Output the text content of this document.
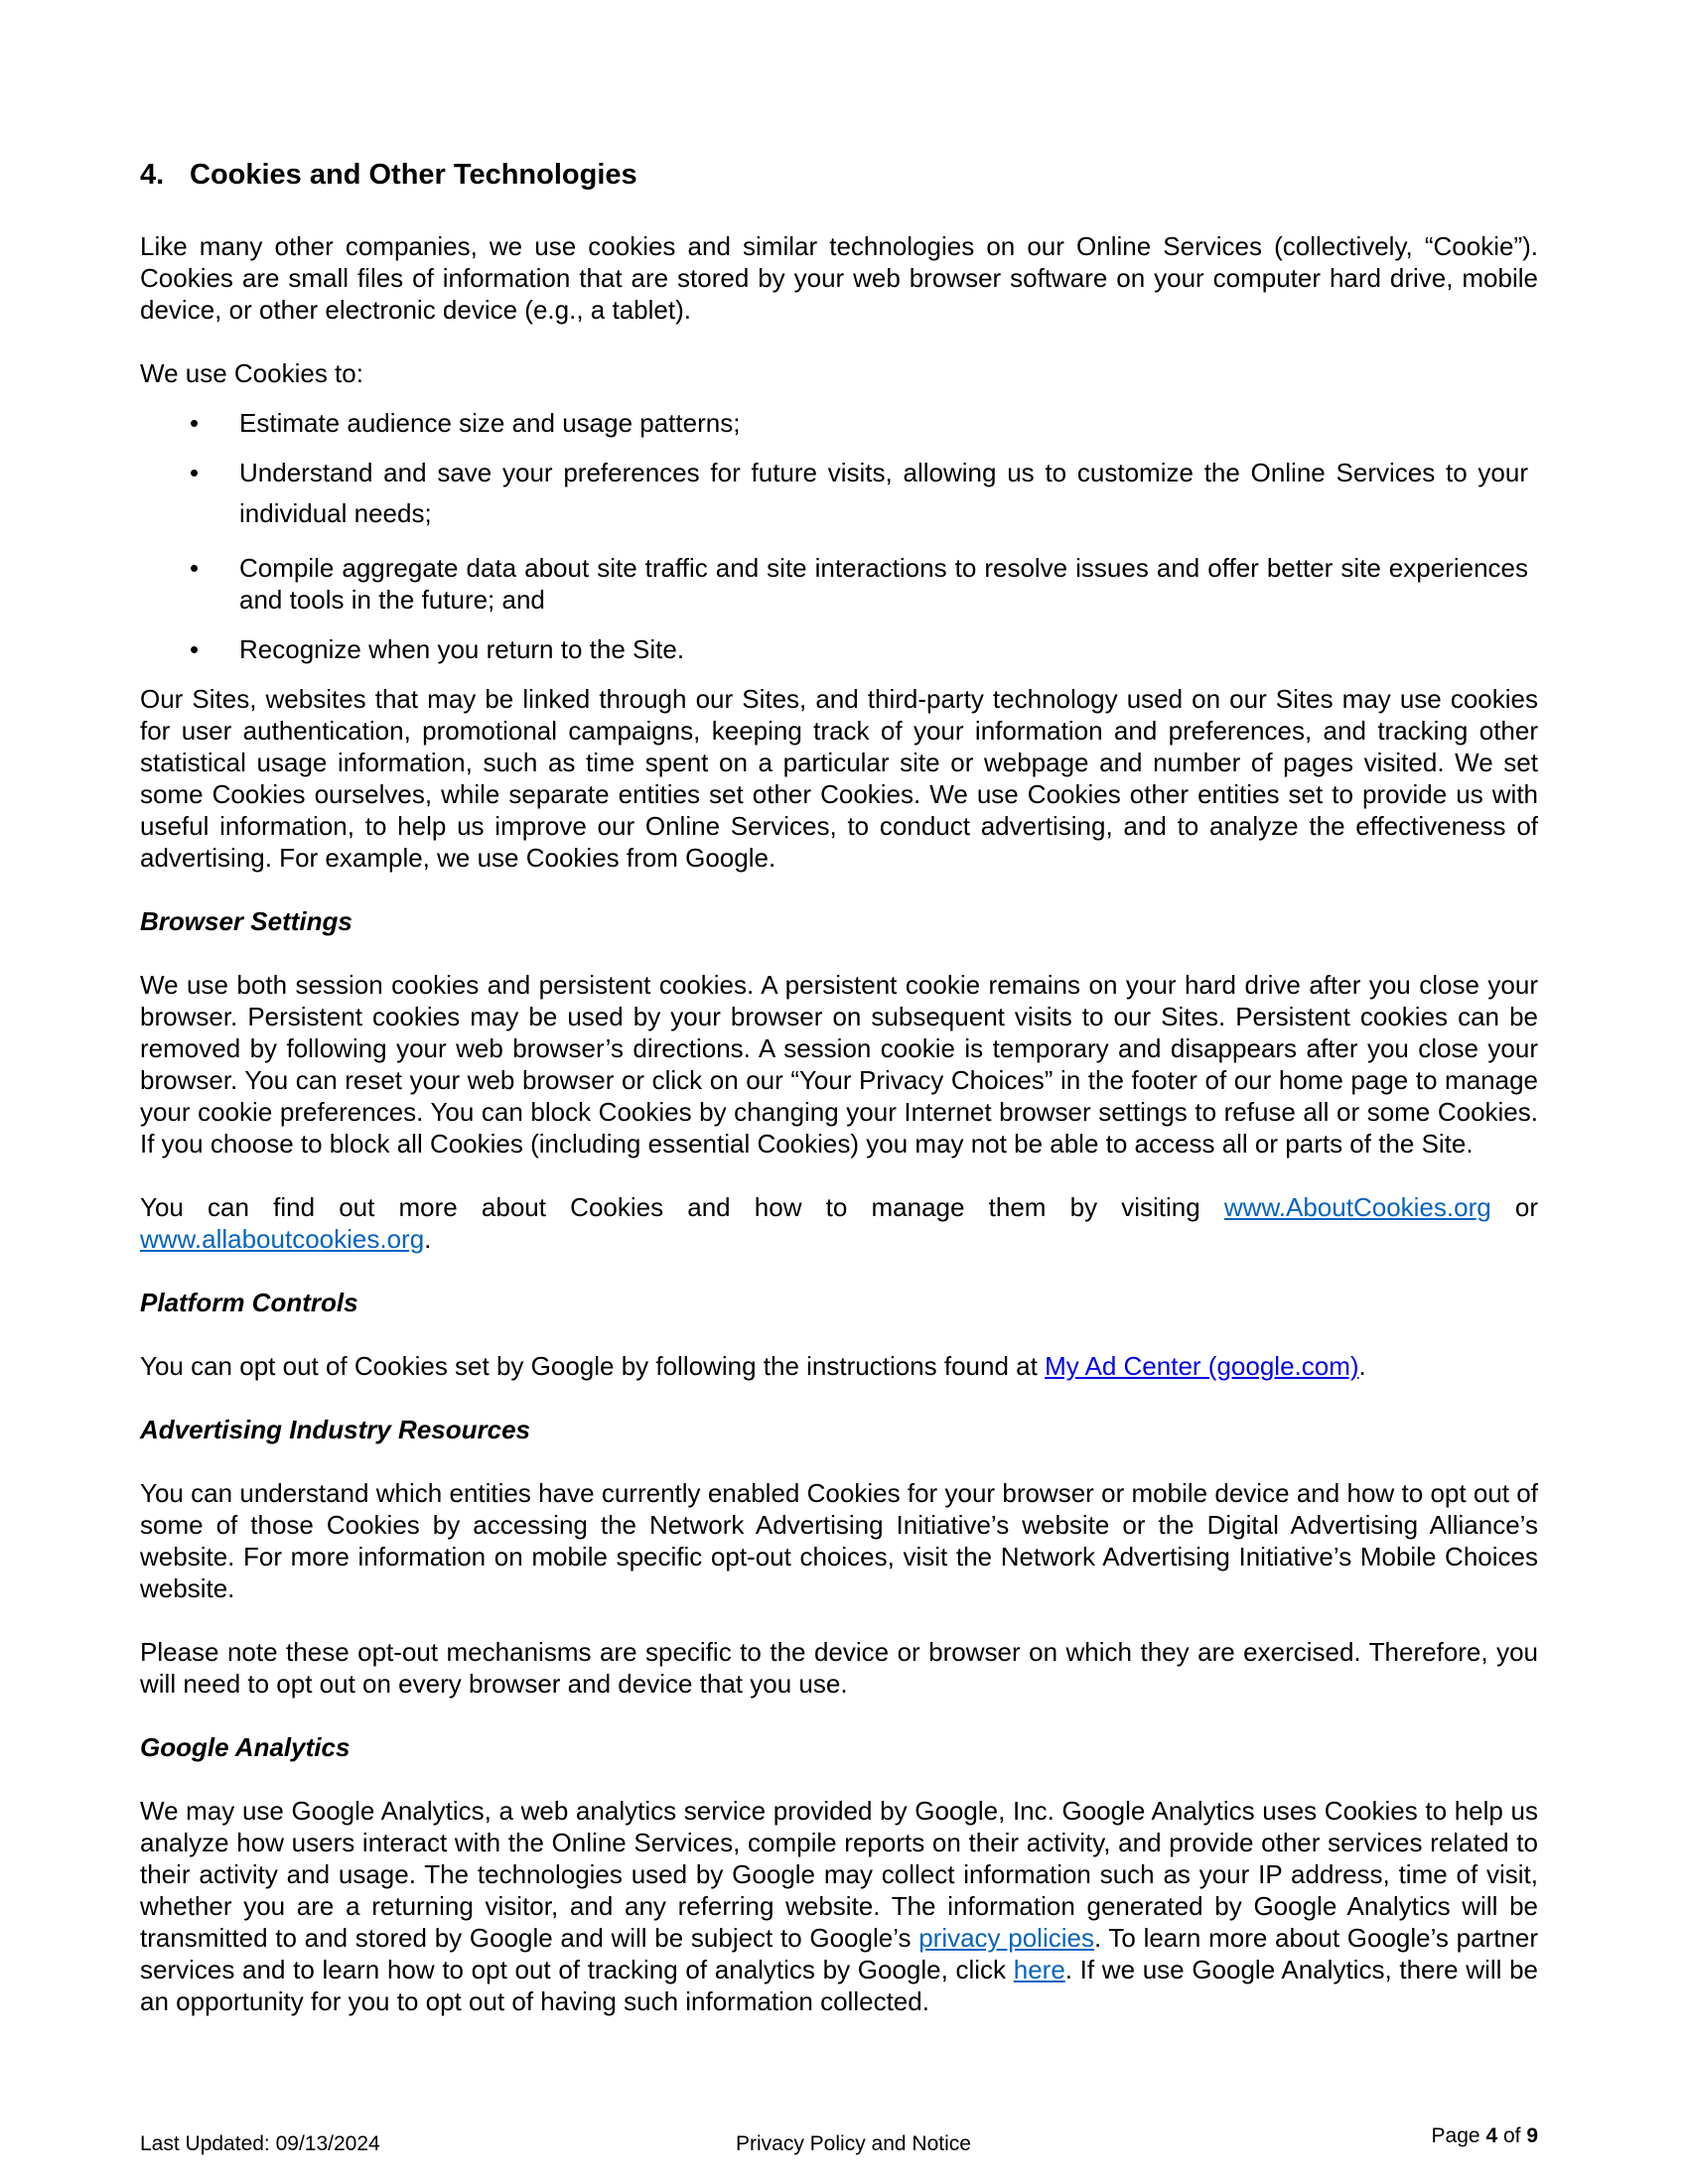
4. Cookies and Other Technologies

Like many other companies, we use cookies and similar technologies on our Online Services (collectively, “Cookie”). Cookies are small files of information that are stored by your web browser software on your computer hard drive, mobile device, or other electronic device (e.g., a tablet).

We use Cookies to:

• Estimate audience size and usage patterns;
• Understand and save your preferences for future visits, allowing us to customize the Online Services to your individual needs;
• Compile aggregate data about site traffic and site interactions to resolve issues and offer better site experiences and tools in the future; and
• Recognize when you return to the Site.

Our Sites, websites that may be linked through our Sites, and third-party technology used on our Sites may use cookies for user authentication, promotional campaigns, keeping track of your information and preferences, and tracking other statistical usage information, such as time spent on a particular site or webpage and number of pages visited. We set some Cookies ourselves, while separate entities set other Cookies. We use Cookies other entities set to provide us with useful information, to help us improve our Online Services, to conduct advertising, and to analyze the effectiveness of advertising. For example, we use Cookies from Google.

Browser Settings

We use both session cookies and persistent cookies. A persistent cookie remains on your hard drive after you close your browser. Persistent cookies may be used by your browser on subsequent visits to our Sites. Persistent cookies can be removed by following your web browser’s directions. A session cookie is temporary and disappears after you close your browser. You can reset your web browser or click on our “Your Privacy Choices” in the footer of our home page to manage your cookie preferences. You can block Cookies by changing your Internet browser settings to refuse all or some Cookies. If you choose to block all Cookies (including essential Cookies) you may not be able to access all or parts of the Site.

You can find out more about Cookies and how to manage them by visiting www.AboutCookies.org or www.allaboutcookies.org.

Platform Controls

You can opt out of Cookies set by Google by following the instructions found at My Ad Center (google.com).

Advertising Industry Resources

You can understand which entities have currently enabled Cookies for your browser or mobile device and how to opt out of some of those Cookies by accessing the Network Advertising Initiative’s website or the Digital Advertising Alliance’s website. For more information on mobile specific opt-out choices, visit the Network Advertising Initiative’s Mobile Choices website.

Please note these opt-out mechanisms are specific to the device or browser on which they are exercised. Therefore, you will need to opt out on every browser and device that you use.

Google Analytics

We may use Google Analytics, a web analytics service provided by Google, Inc. Google Analytics uses Cookies to help us analyze how users interact with the Online Services, compile reports on their activity, and provide other services related to their activity and usage. The technologies used by Google may collect information such as your IP address, time of visit, whether you are a returning visitor, and any referring website. The information generated by Google Analytics will be transmitted to and stored by Google and will be subject to Google’s privacy policies. To learn more about Google’s partner services and to learn how to opt out of tracking of analytics by Google, click here. If we use Google Analytics, there will be an opportunity for you to opt out of having such information collected.

Last Updated: 09/13/2024	Privacy Policy and Notice	Page 4 of 9
